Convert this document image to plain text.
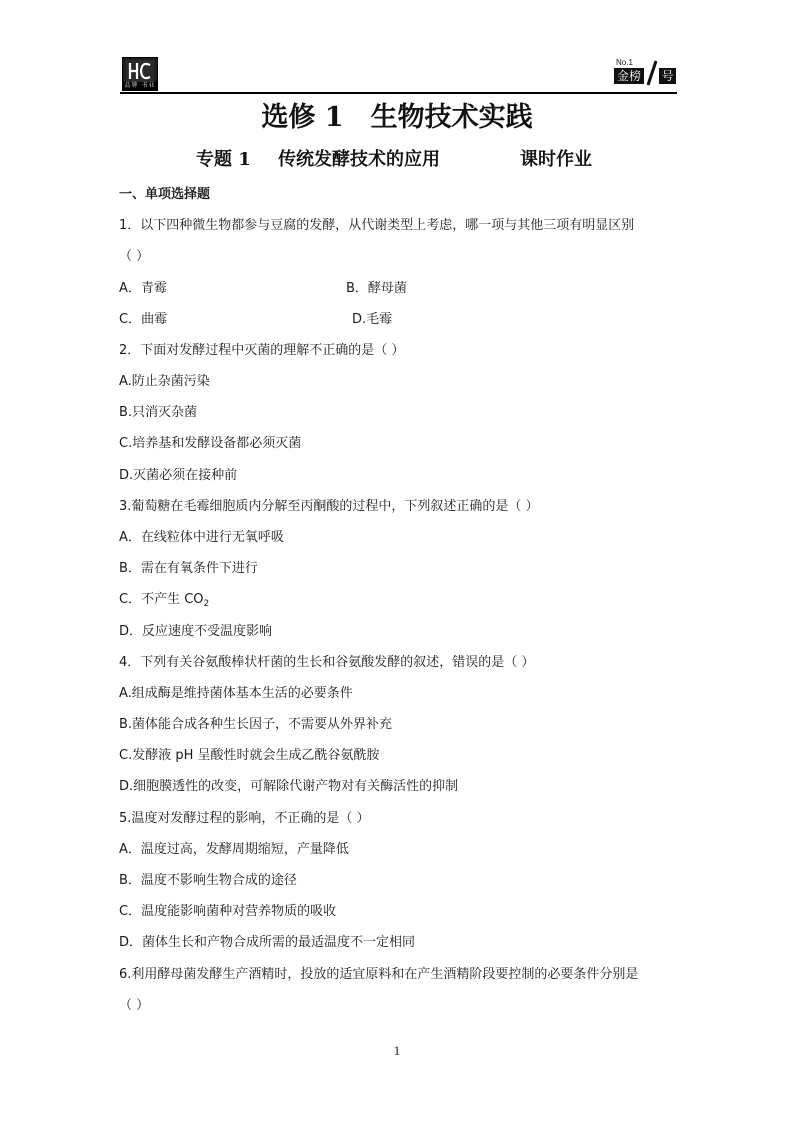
品牌 书业
No.1
金榜 号
选修 1　生物技术实践
专题 1 传统发酵技术的应用	课时作业
一、单项选择题
1．以下四种微生物都参与豆腐的发酵，从代谢类型上考虑，哪一项与其他三项有明显区别
（ ）
A．青霉	B．酵母菌
C．曲霉	D.毛霉
2．下面对发酵过程中灭菌的理解不正确的是（ ）
A.防止杂菌污染
B.只消灭杂菌
C.培养基和发酵设备都必须灭菌
D.灭菌必须在接种前
3.葡萄糖在毛霉细胞质内分解至丙酮酸的过程中，下列叙述正确的是（ ）
A．在线粒体中进行无氧呼吸
B．需在有氧条件下进行
C．不产生 $CO_2$
D．反应速度不受温度影响
4．下列有关谷氨酸棒状杆菌的生长和谷氨酸发酵的叙述，错误的是（ ）
A.组成酶是维持菌体基本生活的必要条件
B.菌体能合成各种生长因子，不需要从外界补充
C.发酵液 pH 呈酸性时就会生成乙酰谷氨酰胺
D.细胞膜透性的改变，可解除代谢产物对有关酶活性的抑制
5.温度对发酵过程的影响，不正确的是（ ）
A．温度过高，发酵周期缩短，产量降低
B．温度不影响生物合成的途径
C．温度能影响菌种对营养物质的吸收
D．菌体生长和产物合成所需的最适温度不一定相同
6.利用酵母菌发酵生产酒精时，投放的适宜原料和在产生酒精阶段要控制的必要条件分别是
（ ）
1
